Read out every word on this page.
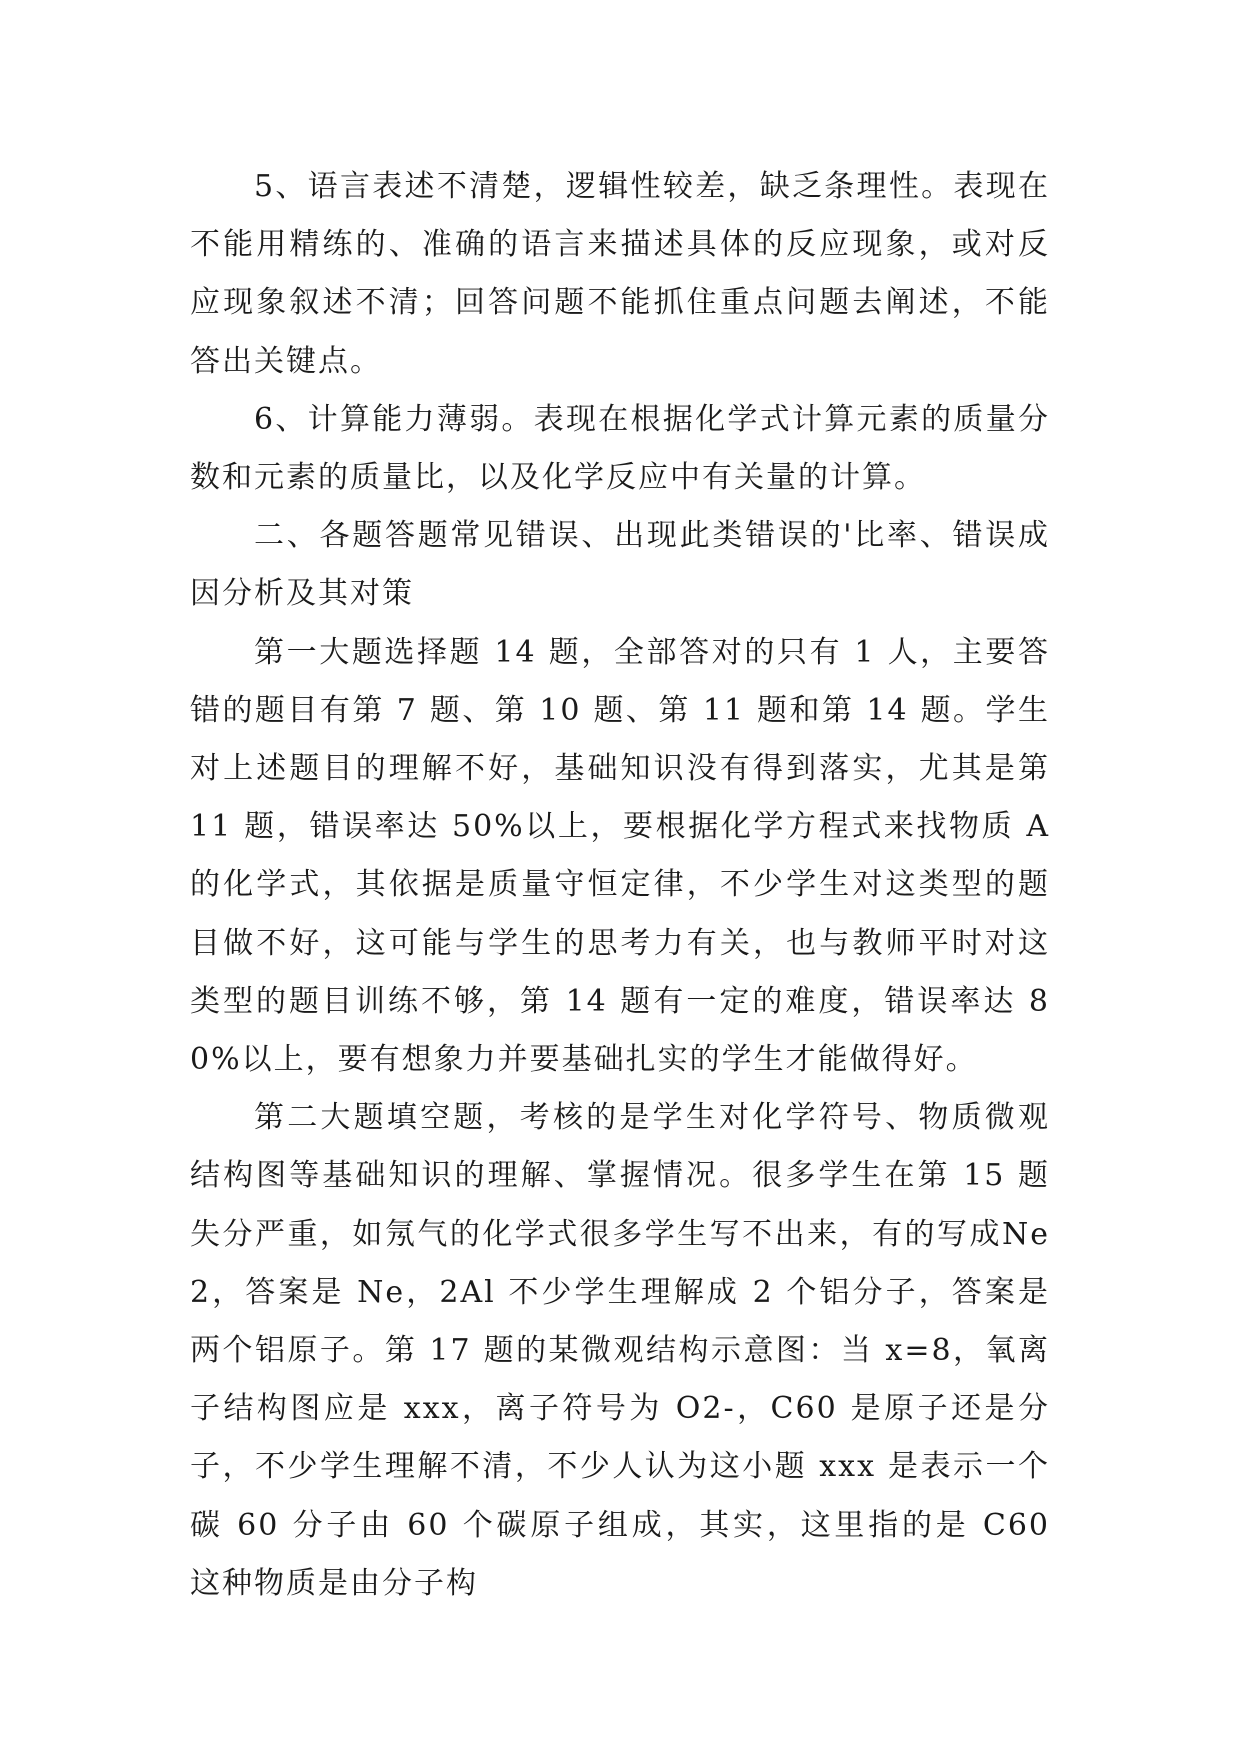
5、语言表述不清楚，逻辑性较差，缺乏条理性。表现在不能用精练的、准确的语言来描述具体的反应现象，或对反应现象叙述不清；回答问题不能抓住重点问题去阐述，不能答出关键点。

6、计算能力薄弱。表现在根据化学式计算元素的质量分数和元素的质量比，以及化学反应中有关量的计算。

二、各题答题常见错误、出现此类错误的'比率、错误成因分析及其对策

第一大题选择题 14 题，全部答对的只有 1 人，主要答错的题目有第 7 题、第 10 题、第 11 题和第 14 题。学生对上述题目的理解不好，基础知识没有得到落实，尤其是第 11 题，错误率达 50%以上，要根据化学方程式来找物质 A 的化学式，其依据是质量守恒定律，不少学生对这类型的题目做不好，这可能与学生的思考力有关，也与教师平时对这类型的题目训练不够，第 14 题有一定的难度，错误率达 80%以上，要有想象力并要基础扎实的学生才能做得好。

第二大题填空题，考核的是学生对化学符号、物质微观结构图等基础知识的理解、掌握情况。很多学生在第 15 题失分严重，如氖气的化学式很多学生写不出来，有的写成Ne2，答案是 Ne，2Al 不少学生理解成 2 个铝分子，答案是两个铝原子。第 17 题的某微观结构示意图：当 x=8，氧离子结构图应是 xxx，离子符号为 O2-，C60 是原子还是分子，不少学生理解不清，不少人认为这小题 xxx 是表示一个碳 60 分子由 60 个碳原子组成，其实，这里指的是 C60 这种物质是由分子构
